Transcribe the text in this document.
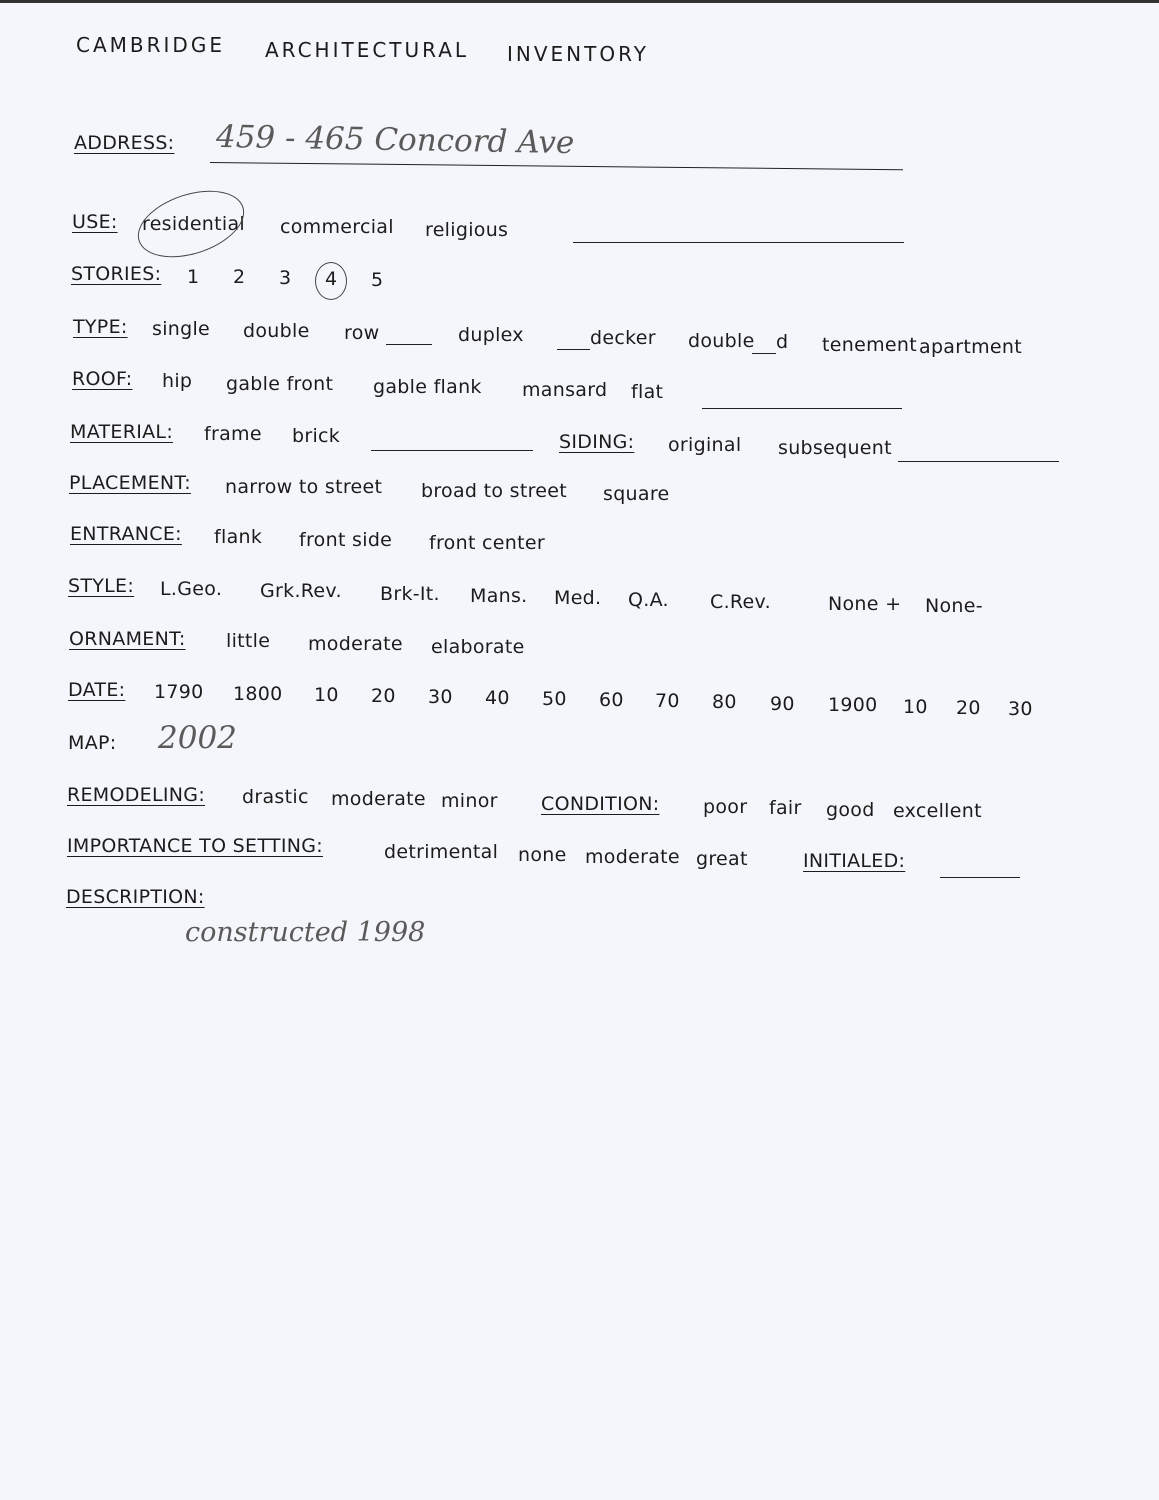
CAMBRIDGE ARCHITECTURAL INVENTORY
ADDRESS: 459 - 465 Concord Ave
USE: residential commercial religious
STORIES: 1 2 3 4 5
TYPE: single double row	duplex	decker double d tenement apartment
ROOF: hip gable front gable flank mansard flat
MATERIAL: frame brick	SIDING: original subsequent
PLACEMENT: narrow to street broad to street square
ENTRANCE: flank front side front center
STYLE: L.Geo. Grk.Rev. Brk-It. Mans. Med. Q.A. C.Rev.	None + None-
ORNAMENT: little moderate elaborate
DATE: 1790 1800 10 20 30 40 50 60 70 80 90 1900 10 20 30
MAP: 2002
REMODELING: drastic moderate minor CONDITION: poor fair good excellent
IMPORTANCE TO SETTING:	detrimental none moderate great	INITIALED:
DESCRIPTION:
constructed 1998
